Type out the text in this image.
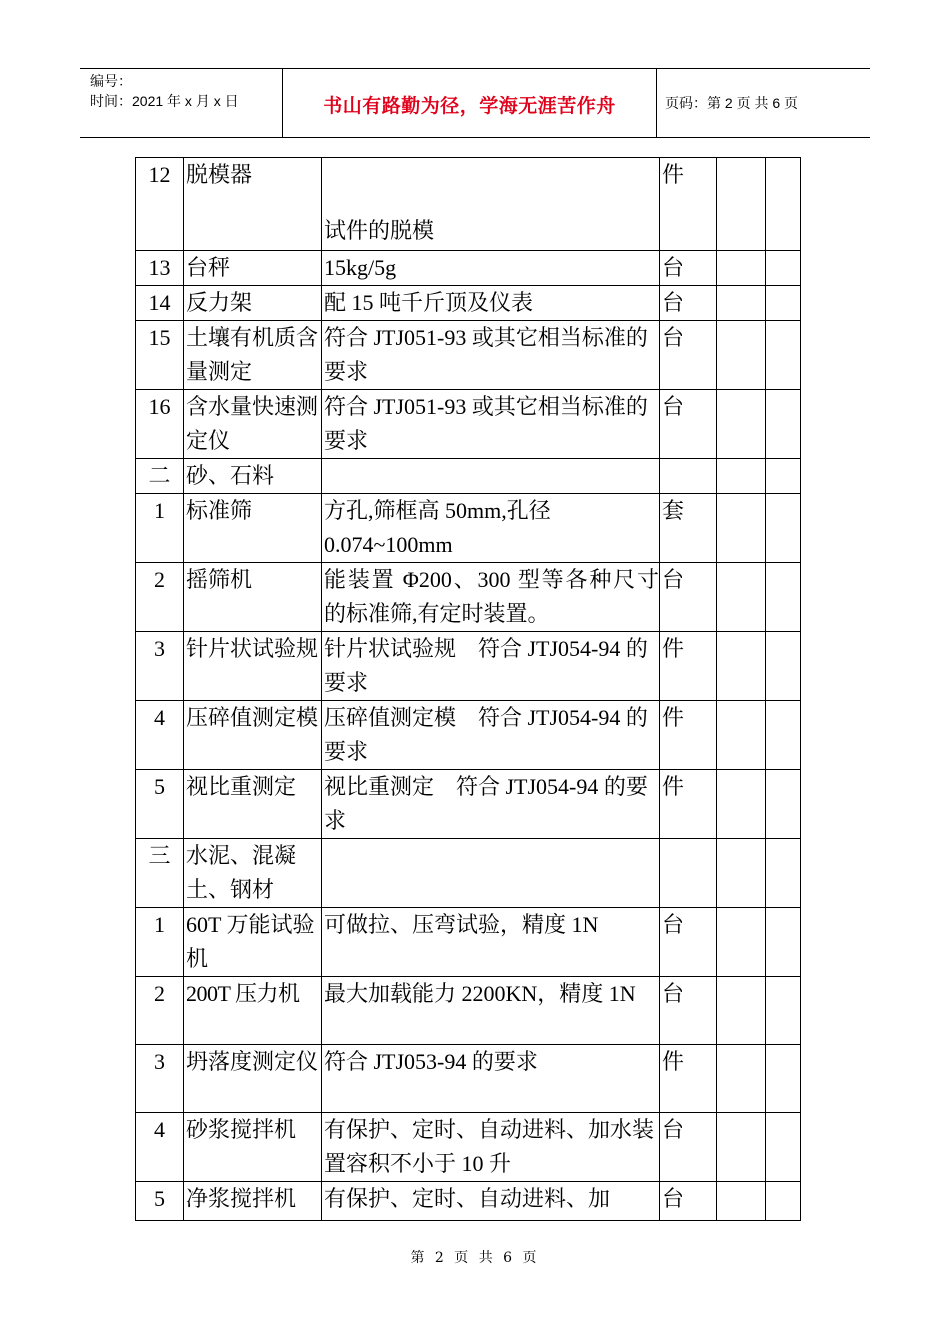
编号：
时间：2021 年 x 月 x 日	书山有路勤为径，学海无涯苦作舟	页码：第 2 页 共 6 页
12	脱模器	试件的脱模	件		
13	台秤	15kg/5g	台		
14	反力架	配 15 吨千斤顶及仪表	台		
15	土壤有机质含量测定	符合 JTJ051-93 或其它相当标准的要求	台		
16	含水量快速测定仪	符合 JTJ051-93 或其它相当标准的要求	台		
二	砂、石料				
1	标准筛	方孔,筛框高 50mm,孔径 0.074~100mm	套		
2	摇筛机	能装置 Φ200、300 型等各种尺寸的标准筛,有定时装置。	台		
3	针片状试验规	针片状试验规　符合 JTJ054-94 的要求	件		
4	压碎值测定模	压碎值测定模　符合 JTJ054-94 的要求	件		
5	视比重测定	视比重测定　符合 JTJ054-94 的要求	件		
三	水泥、混凝土、钢材				
1	60T 万能试验机	可做拉、压弯试验，精度 1N	台		
2	200T 压力机	最大加载能力 2200KN，精度 1N	台		
3	坍落度测定仪	符合 JTJ053-94 的要求	件		
4	砂浆搅拌机	有保护、定时、自动进料、加水装置容积不小于 10 升	台		
5	净浆搅拌机	有保护、定时、自动进料、加	台		
第 2 页 共 6 页
